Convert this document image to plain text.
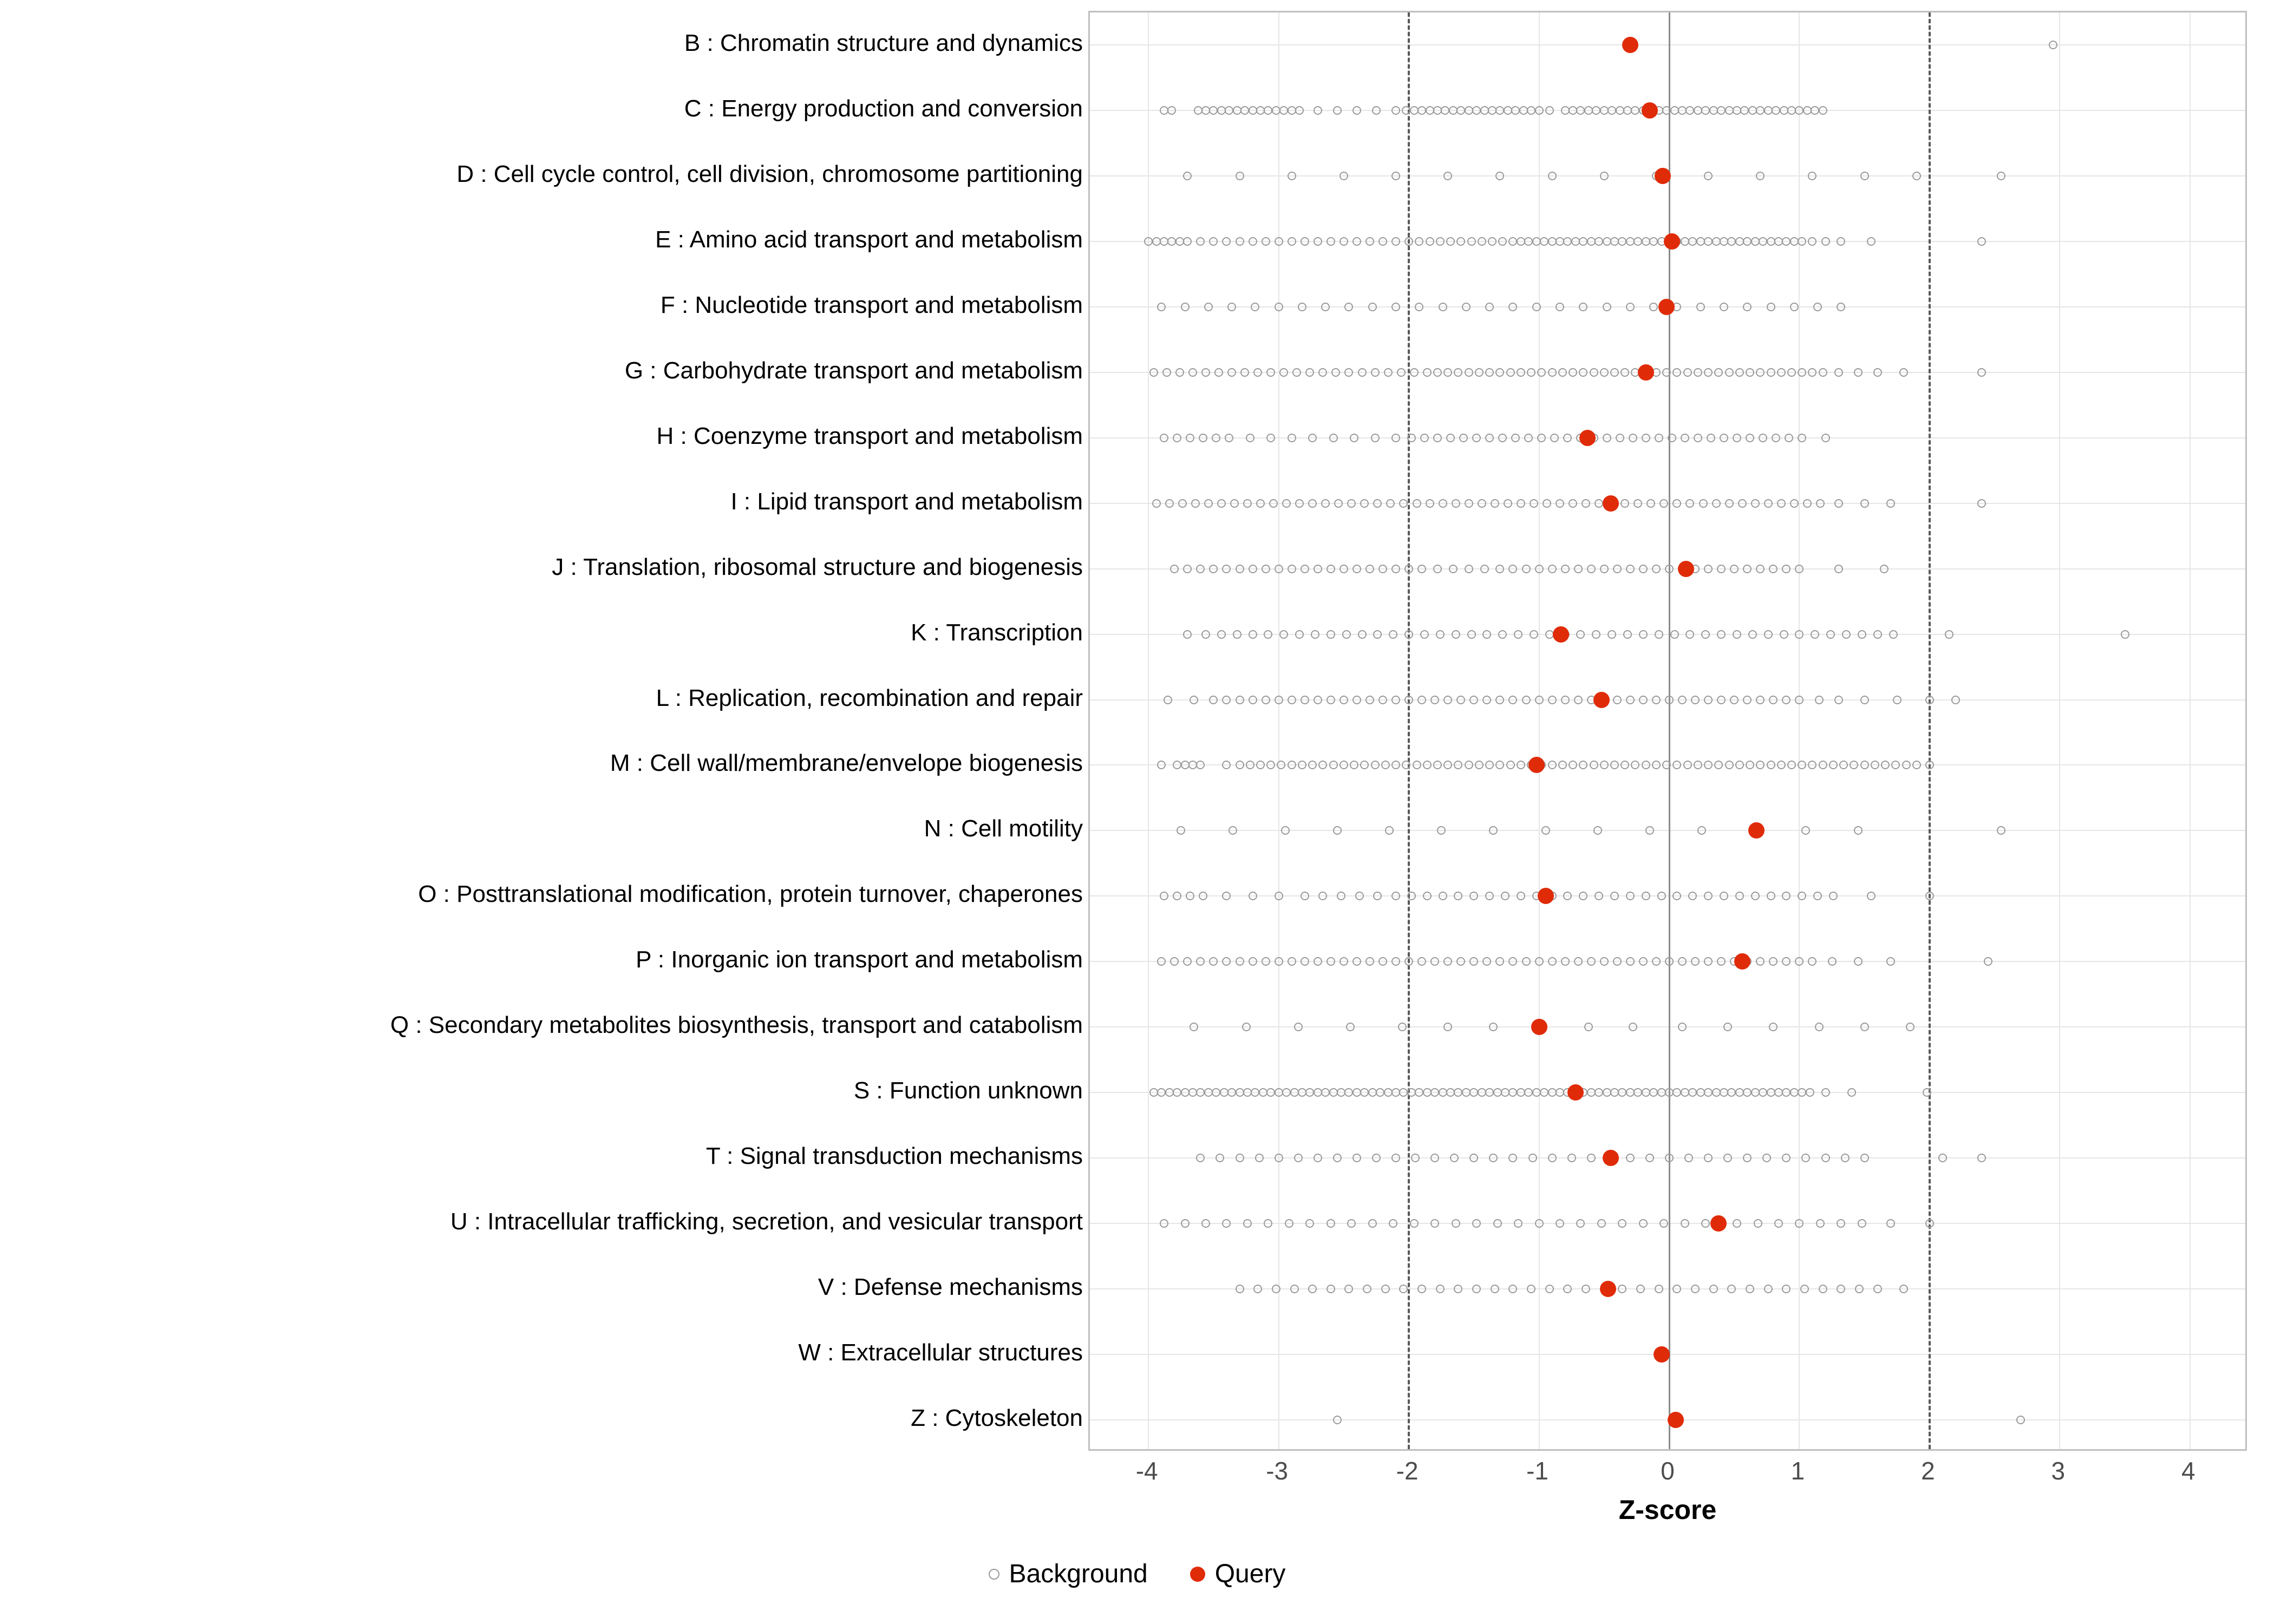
B : Chromatin structure and dynamics
C : Energy production and conversion
D : Cell cycle control, cell division, chromosome partitioning
E : Amino acid transport and metabolism
F : Nucleotide transport and metabolism
G : Carbohydrate transport and metabolism
H : Coenzyme transport and metabolism
I : Lipid transport and metabolism
J : Translation, ribosomal structure and biogenesis
K : Transcription
L : Replication, recombination and repair
M : Cell wall/membrane/envelope biogenesis
N : Cell motility
O : Posttranslational modification, protein turnover, chaperones
P : Inorganic ion transport and metabolism
Q : Secondary metabolites biosynthesis, transport and catabolism
S : Function unknown
T : Signal transduction mechanisms
U : Intracellular trafficking, secretion, and vesicular transport
V : Defense mechanisms
W : Extracellular structures
Z : Cytoskeleton
-4	-3	-2	-1	0	1	2	3	4
Z-score
Background	Query
